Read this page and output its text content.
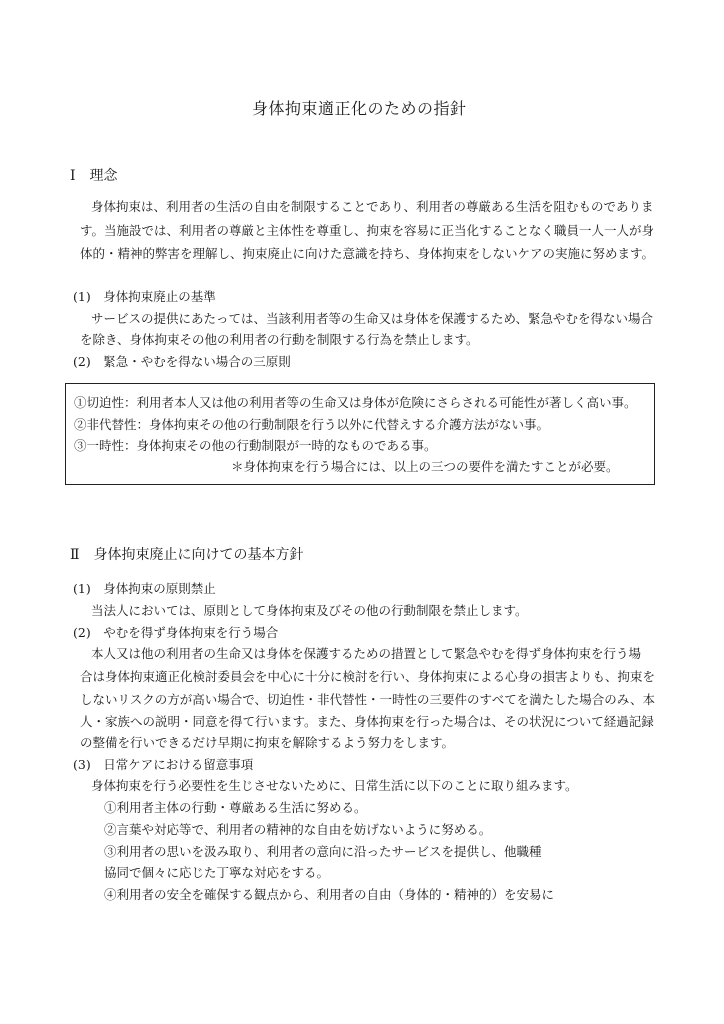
身体拘束適正化のための指針
Ⅰ　理念
身体拘束は、利用者の生活の自由を制限することであり、利用者の尊厳ある生活を阻むものでありま
す。当施設では、利用者の尊厳と主体性を尊重し、拘束を容易に正当化することなく職員一人一人が身
体的・精神的弊害を理解し、拘束廃止に向けた意識を持ち、身体拘束をしないケアの実施に努めます。
(1)　身体拘束廃止の基準
サービスの提供にあたっては、当該利用者等の生命又は身体を保護するため、緊急やむを得ない場合
を除き、身体拘束その他の利用者の行動を制限する行為を禁止します。
(2)　緊急・やむを得ない場合の三原則
①切迫性：利用者本人又は他の利用者等の生命又は身体が危険にさらされる可能性が著しく高い事。
②非代替性：身体拘束その他の行動制限を行う以外に代替えする介護方法がない事。
③一時性：身体拘束その他の行動制限が一時的なものである事。
＊身体拘束を行う場合には、以上の三つの要件を満たすことが必要。
Ⅱ　身体拘束廃止に向けての基本方針
(1)　身体拘束の原則禁止
当法人においては、原則として身体拘束及びその他の行動制限を禁止します。
(2)　やむを得ず身体拘束を行う場合
本人又は他の利用者の生命又は身体を保護するための措置として緊急やむを得ず身体拘束を行う場
合は身体拘束適正化検討委員会を中心に十分に検討を行い、身体拘束による心身の損害よりも、拘束を
しないリスクの方が高い場合で、切迫性・非代替性・一時性の三要件のすべてを満たした場合のみ、本
人・家族への説明・同意を得て行います。また、身体拘束を行った場合は、その状況について経過記録
の整備を行いできるだけ早期に拘束を解除するよう努力をします。
(3)　日常ケアにおける留意事項
身体拘束を行う必要性を生じさせないために、日常生活に以下のことに取り組みます。
①利用者主体の行動・尊厳ある生活に努める。
②言葉や対応等で、利用者の精神的な自由を妨げないように努める。
③利用者の思いを汲み取り、利用者の意向に沿ったサービスを提供し、他職種
協同で個々に応じた丁寧な対応をする。
④利用者の安全を確保する観点から、利用者の自由（身体的・精神的）を安易に
